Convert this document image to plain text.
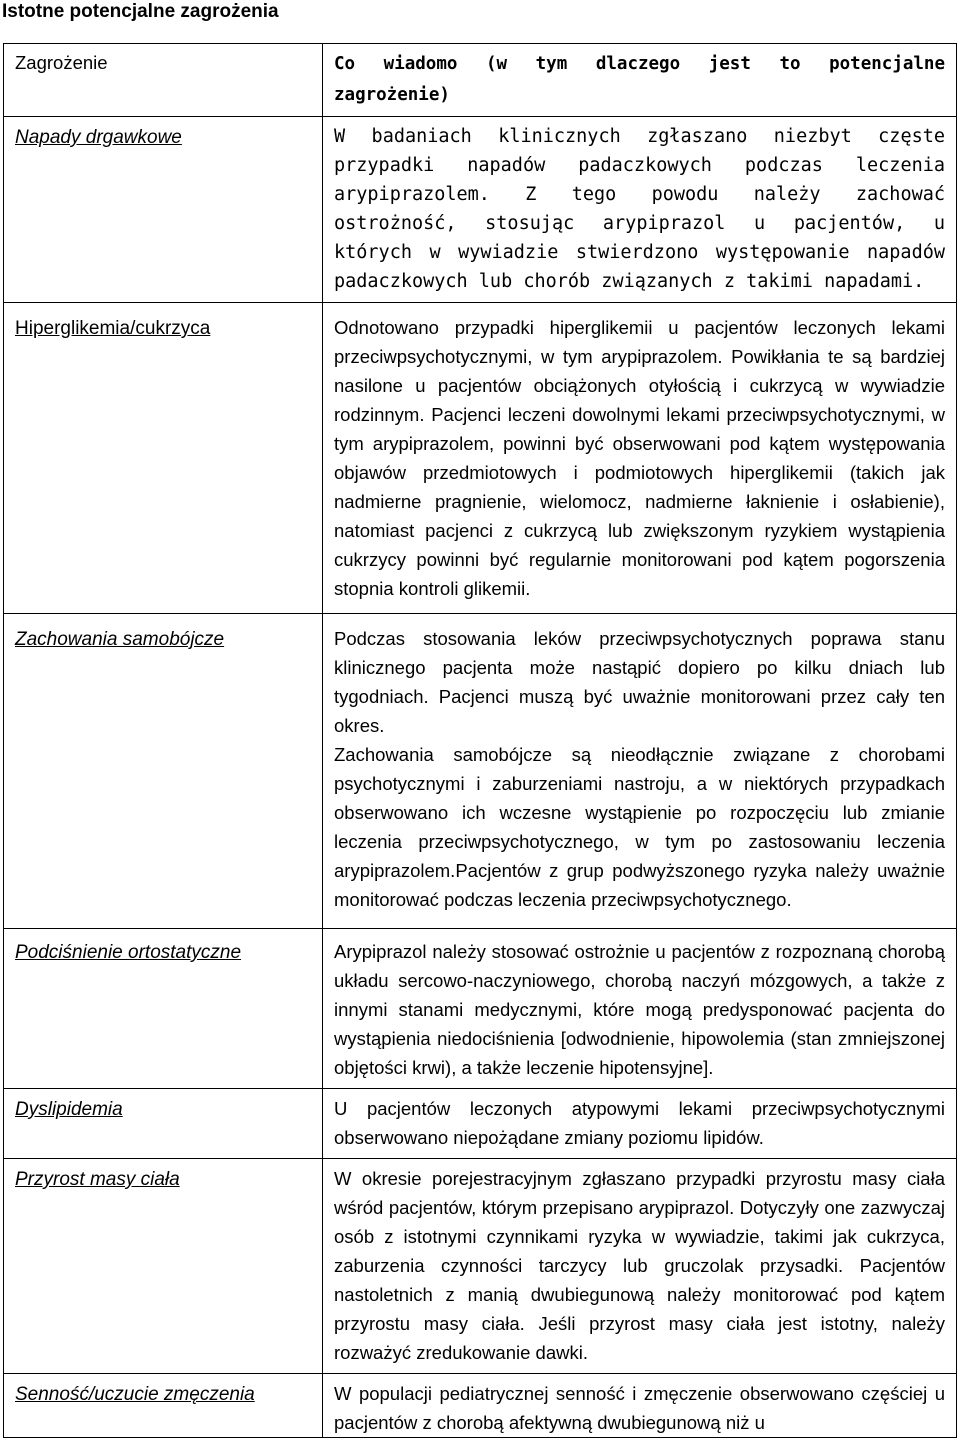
Istotne potencjalne zagrożenia
Zagrożenie	Co wiadomo (w tym dlaczego jest to potencjalne zagrożenie)
Napady drgawkowe	W badaniach klinicznych zgłaszano niezbyt częste przypadki napadów padaczkowych podczas leczenia arypiprazolem. Z tego powodu należy zachować ostrożność, stosując arypiprazol u pacjentów, u których w wywiadzie stwierdzono występowanie napadów padaczkowych lub chorób związanych z takimi napadami.
Hiperglikemia/cukrzyca	Odnotowano przypadki hiperglikemii u pacjentów leczonych lekami przeciwpsychotycznymi, w tym arypiprazolem. Powikłania te są bardziej nasilone u pacjentów obciążonych otyłością i cukrzycą w wywiadzie rodzinnym. Pacjenci leczeni dowolnymi lekami przeciwpsychotycznymi, w tym arypiprazolem, powinni być obserwowani pod kątem występowania objawów przedmiotowych i podmiotowych hiperglikemii (takich jak nadmierne pragnienie, wielomocz, nadmierne łaknienie i osłabienie), natomiast pacjenci z cukrzycą lub zwiększonym ryzykiem wystąpienia cukrzycy powinni być regularnie monitorowani pod kątem pogorszenia stopnia kontroli glikemii.
Zachowania samobójcze	Podczas stosowania leków przeciwpsychotycznych poprawa stanu klinicznego pacjenta może nastąpić dopiero po kilku dniach lub tygodniach. Pacjenci muszą być uważnie monitorowani przez cały ten okres.
Zachowania samobójcze są nieodłącznie związane z chorobami psychotycznymi i zaburzeniami nastroju, a w niektórych przypadkach obserwowano ich wczesne wystąpienie po rozpoczęciu lub zmianie leczenia przeciwpsychotycznego, w tym po zastosowaniu leczenia arypiprazolem.Pacjentów z grup podwyższonego ryzyka należy uważnie monitorować podczas leczenia przeciwpsychotycznego.

Podciśnienie ortostatyczne	Arypiprazol należy stosować ostrożnie u pacjentów z rozpoznaną chorobą układu sercowo-naczyniowego, chorobą naczyń mózgowych, a także z innymi stanami medycznymi, które mogą predysponować pacjenta do wystąpienia niedociśnienia [odwodnienie, hipowolemia (stan zmniejszonej objętości krwi), a także leczenie hipotensyjne].
Dyslipidemia	U pacjentów leczonych atypowymi lekami przeciwpsychotycznymi obserwowano niepożądane zmiany poziomu lipidów.
Przyrost masy ciała	W okresie porejestracyjnym zgłaszano przypadki przyrostu masy ciała wśród pacjentów, którym przepisano arypiprazol. Dotyczyły one zazwyczaj osób z istotnymi czynnikami ryzyka w wywiadzie, takimi jak cukrzyca, zaburzenia czynności tarczycy lub gruczolak przysadki. Pacjentów nastoletnich z manią dwubiegunową należy monitorować pod kątem przyrostu masy ciała. Jeśli przyrost masy ciała jest istotny, należy rozważyć zredukowanie dawki.
Senność/uczucie zmęczenia	W populacji pediatrycznej senność i zmęczenie obserwowano częściej u pacjentów z chorobą afektywną dwubiegunową niż u
